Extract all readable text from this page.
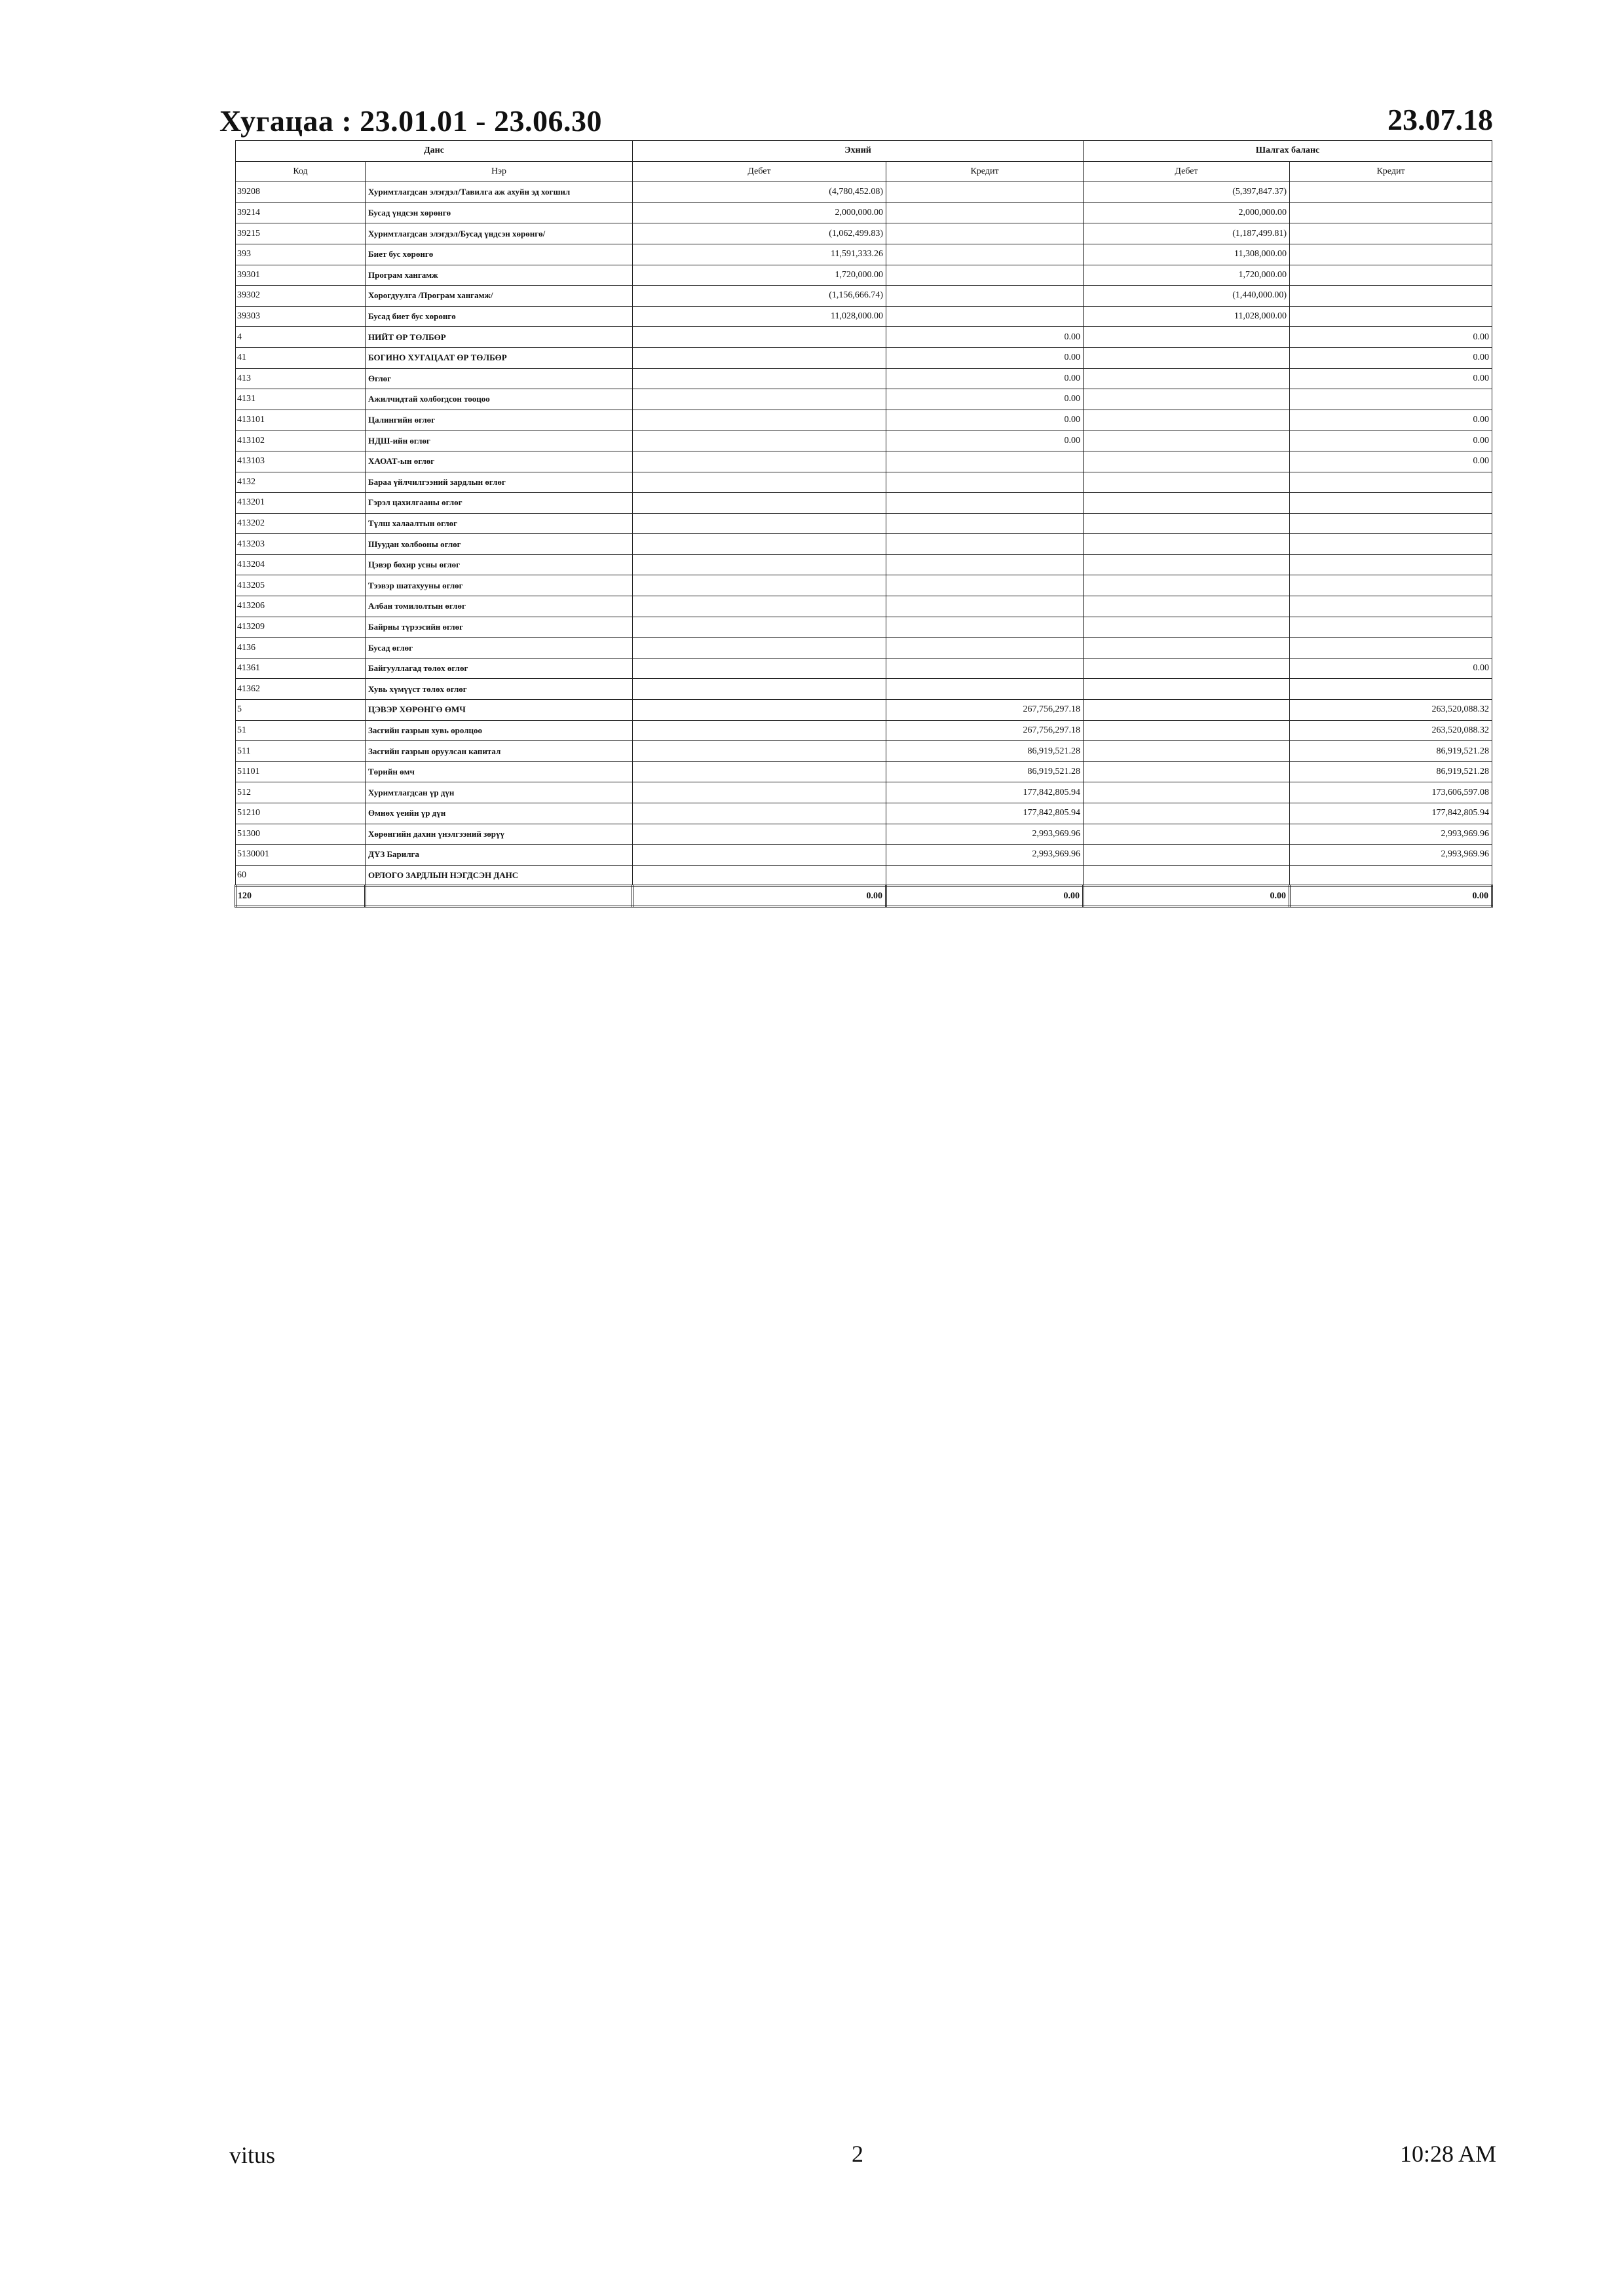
Хугацаа : 23.01.01 - 23.06.30	23.07.18
Данс		Эхний		Шалгах баланс	
Код	Нэр	Дебет	Кредит	Дебет	Кредит
39208	Хуримтлагдсан элэгдэл/Тавилга аж ахуйн эд хогшил	(4,780,452.08)		(5,397,847.37)	
39214	Бусад үндсэн хөрөнгө	2,000,000.00		2,000,000.00	
39215	Хуримтлагдсан элэгдэл/Бусад үндсэн хөрөнгө/	(1,062,499.83)		(1,187,499.81)	
393	Биет бус хөрөнгө	11,591,333.26		11,308,000.00	
39301	Програм хангамж	1,720,000.00		1,720,000.00	
39302	Хорогдуулга /Програм хангамж/	(1,156,666.74)		(1,440,000.00)	
39303	Бусад биет бус хөрөнгө	11,028,000.00		11,028,000.00	
4	НИЙТ ӨР ТӨЛБӨР		0.00		0.00
41	БОГИНО ХУГАЦААТ ӨР ТӨЛБӨР		0.00		0.00
413	Өглөг		0.00		0.00
4131	Ажилчидтай холбогдсон тооцоо		0.00		
413101	Цалингийн өглөг		0.00		0.00
413102	НДШ-ийн өглөг		0.00		0.00
413103	ХАОАТ-ын өглөг				0.00
4132	Бараа үйлчилгээний зардлын өглөг				
413201	Гэрэл цахилгааны өглөг				
413202	Түлш халаалтын өглөг				
413203	Шуудан холбооны өглөг				
413204	Цэвэр бохир усны өглөг				
413205	Тээвэр шатахууны өглөг				
413206	Албан томилолтын өглөг				
413209	Байрны түрээсийн өглөг				
4136	Бусад өглөг				
41361	Байгууллагад төлөх өглөг				0.00
41362	Хувь хүмүүст төлөх өглөг				
5	ЦЭВЭР ХӨРӨНГӨ ӨМЧ		267,756,297.18		263,520,088.32
51	Засгийн газрын хувь оролцоо		267,756,297.18		263,520,088.32
511	Засгийн газрын оруулсан капитал		86,919,521.28		86,919,521.28
51101	Төрийн өмч		86,919,521.28		86,919,521.28
512	Хуримтлагдсан үр дүн		177,842,805.94		173,606,597.08
51210	Өмнөх үеийн үр дүн		177,842,805.94		177,842,805.94
51300	Хөрөнгийн дахин үнэлгээний зөрүү		2,993,969.96		2,993,969.96
5130001	ДҮЗ Барилга		2,993,969.96		2,993,969.96
60	ОРЛОГО ЗАРДЛЫН НЭГДСЭН ДАНС				
120		0.00	0.00	0.00	0.00
vitus	2	10:28 AM
